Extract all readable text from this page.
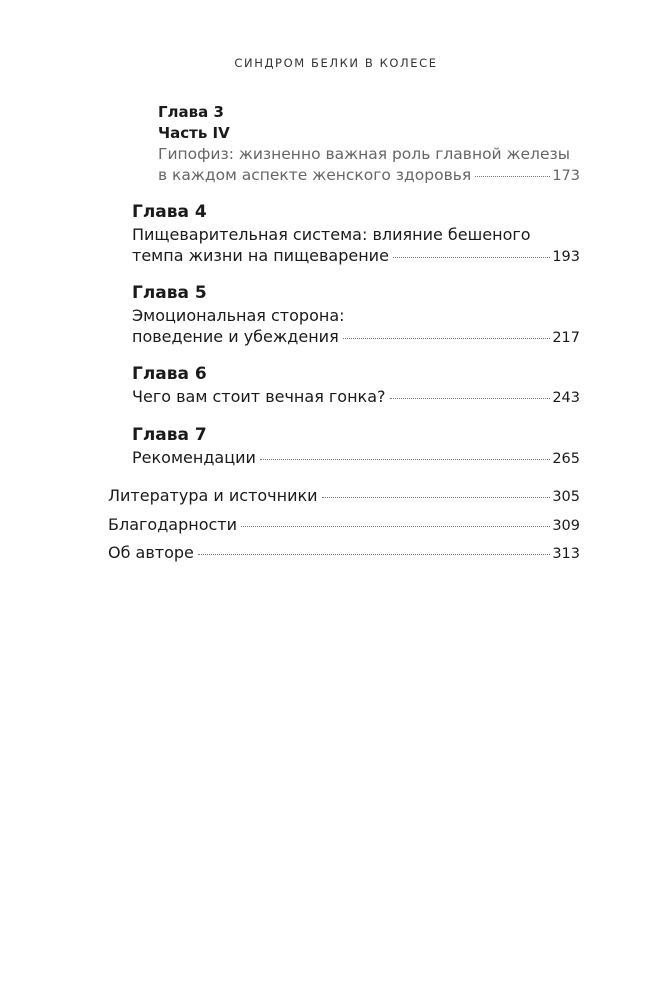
СИНДРОМ БЕЛКИ В КОЛЕСЕ
Глава 3
Часть IV
Гипофиз: жизненно важная роль главной железы
в каждом аспекте женского здоровья	173
Глава 4
Пищеварительная система: влияние бешеного
темпа жизни на пищеварение	193
Глава 5
Эмоциональная сторона:
поведение и убеждения	217
Глава 6
Чего вам стоит вечная гонка?	243
Глава 7
Рекомендации	265
Литература и источники	305
Благодарности	309
Об авторе	313
